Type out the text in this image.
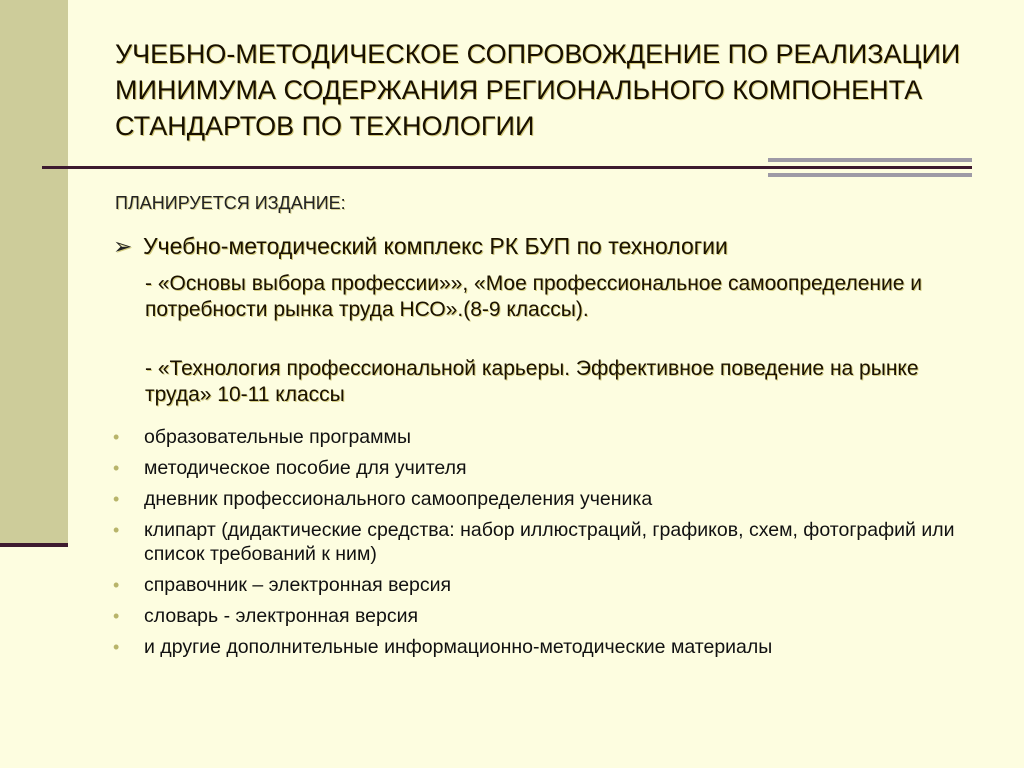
УЧЕБНО-МЕТОДИЧЕСКОЕ СОПРОВОЖДЕНИЕ ПО РЕАЛИЗАЦИИ МИНИМУМА СОДЕРЖАНИЯ РЕГИОНАЛЬНОГО КОМПОНЕНТА СТАНДАРТОВ ПО ТЕХНОЛОГИИ
ПЛАНИРУЕТСЯ ИЗДАНИЕ:
➢ Учебно-методический комплекс РК БУП по технологии
- «Основы выбора профессии»», «Мое профессиональное самоопределение и потребности рынка труда НСО».(8-9 классы).
- «Технология профессиональной карьеры. Эффективное поведение на рынке труда» 10-11 классы
• образовательные программы
• методическое пособие для учителя
• дневник профессионального самоопределения ученика
• клипарт (дидактические средства: набор иллюстраций, графиков, схем, фотографий или список требований к ним)
• справочник – электронная версия
• словарь - электронная версия
• и другие дополнительные информационно-методические материалы
